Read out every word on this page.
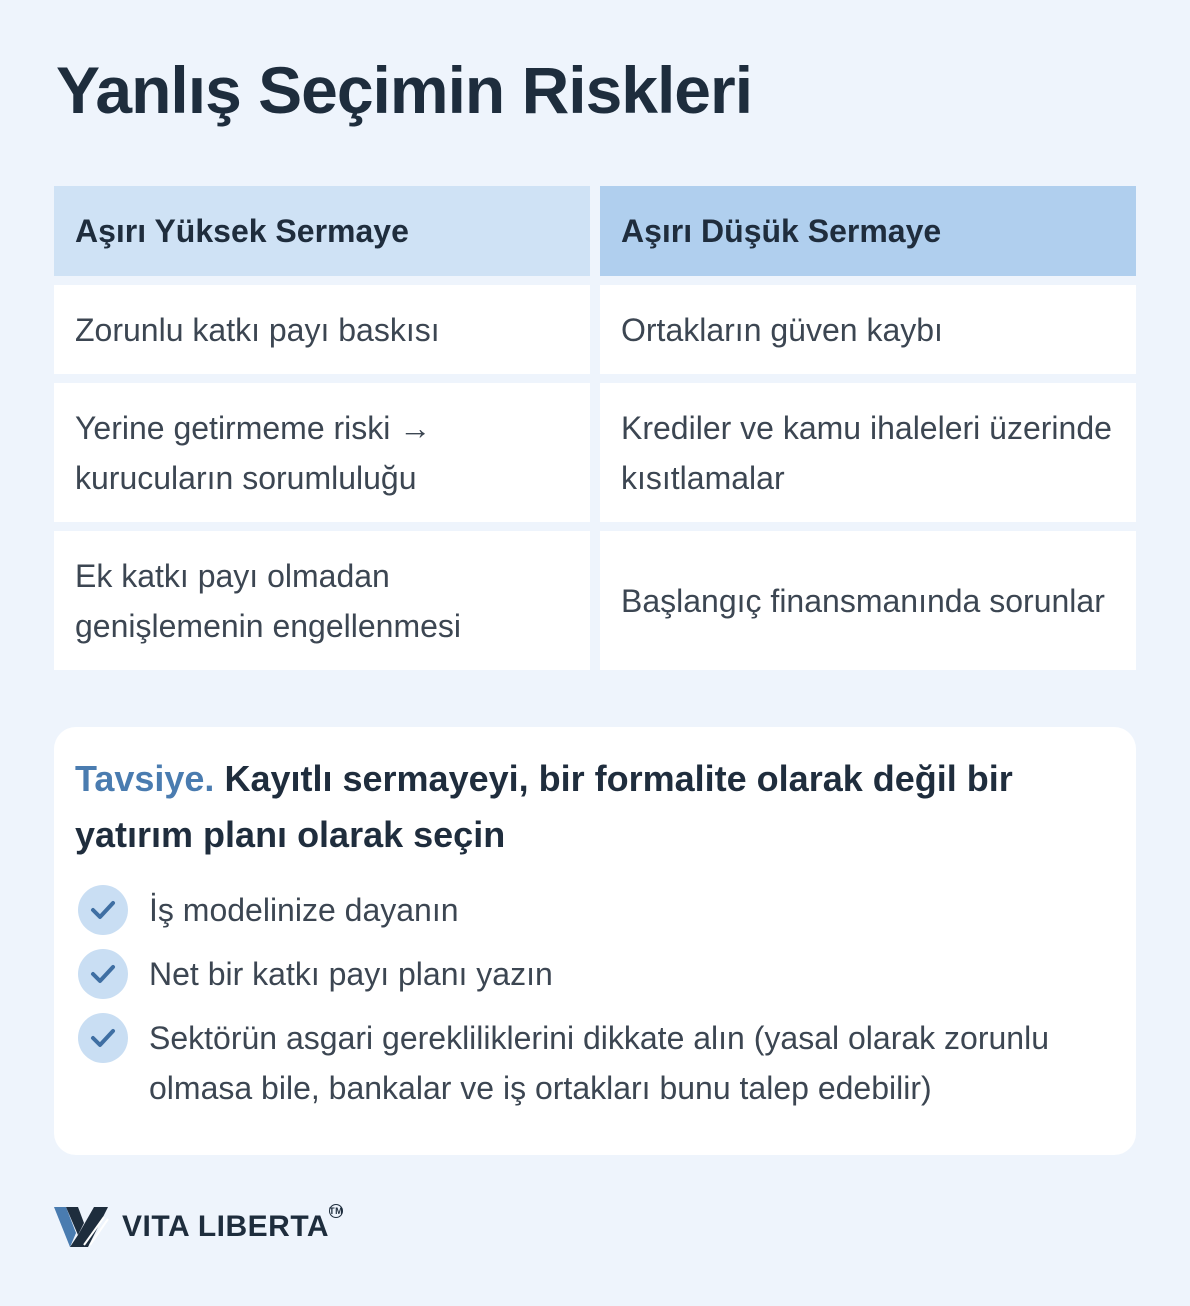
Yanlış Seçimin Riskleri
Aşırı Yüksek Sermaye	Aşırı Düşük Sermaye
Zorunlu katkı payı baskısı	Ortakların güven kaybı
Yerine getirmeme riski → kurucuların sorumluluğu
Krediler ve kamu ihaleleri üzerinde kısıtlamalar
Ek katkı payı olmadan genişlemenin engellenmesi
Başlangıç finansmanında sorunlar

Tavsiye. Kayıtlı sermayeyi, bir formalite olarak değil bir yatırım planı olarak seçin

İş modelinize dayanın
Net bir katkı payı planı yazın
Sektörün asgari gerekliliklerini dikkate alın (yasal olarak zorunlu olmasa bile, bankalar ve iş ortakları bunu talep edebilir)
VITA LIBERTA TM
